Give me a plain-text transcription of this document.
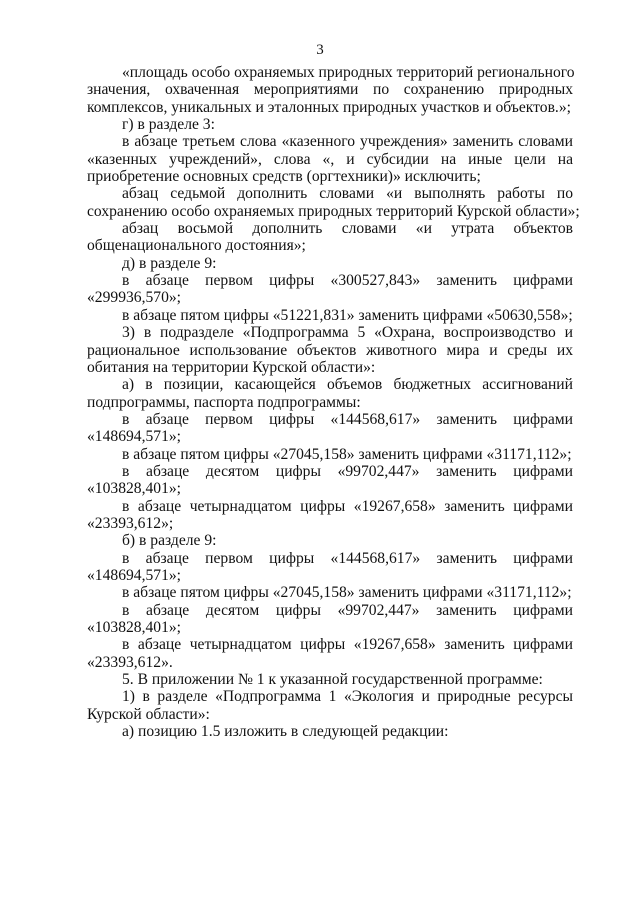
3
«площадь особо охраняемых природных территорий регионального
значения, охваченная мероприятиями по сохранению природных
комплексов, уникальных и эталонных природных участков и объектов.»;
г) в разделе 3:
в абзаце третьем слова «казенного учреждения» заменить словами
«казенных учреждений», слова «, и субсидии на иные цели на
приобретение основных средств (оргтехники)» исключить;
абзац седьмой дополнить словами «и выполнять работы по
сохранению особо охраняемых природных территорий Курской области»;
абзац восьмой дополнить словами «и утрата объектов
общенационального достояния»;
д) в разделе 9:
в абзаце первом цифры «300527,843» заменить цифрами
«299936,570»;
в абзаце пятом цифры «51221,831» заменить цифрами «50630,558»;
3) в подразделе «Подпрограмма 5 «Охрана, воспроизводство и
рациональное использование объектов животного мира и среды их
обитания на территории Курской области»:
а) в позиции, касающейся объемов бюджетных ассигнований
подпрограммы, паспорта подпрограммы:
в абзаце первом цифры «144568,617» заменить цифрами
«148694,571»;
в абзаце пятом цифры «27045,158» заменить цифрами «31171,112»;
в абзаце десятом цифры «99702,447» заменить цифрами
«103828,401»;
в абзаце четырнадцатом цифры «19267,658» заменить цифрами
«23393,612»;
б) в разделе 9:
в абзаце первом цифры «144568,617» заменить цифрами
«148694,571»;
в абзаце пятом цифры «27045,158» заменить цифрами «31171,112»;
в абзаце десятом цифры «99702,447» заменить цифрами
«103828,401»;
в абзаце четырнадцатом цифры «19267,658» заменить цифрами
«23393,612».
5. В приложении № 1 к указанной государственной программе:
1) в разделе «Подпрограмма 1 «Экология и природные ресурсы
Курской области»:
а) позицию 1.5 изложить в следующей редакции:
